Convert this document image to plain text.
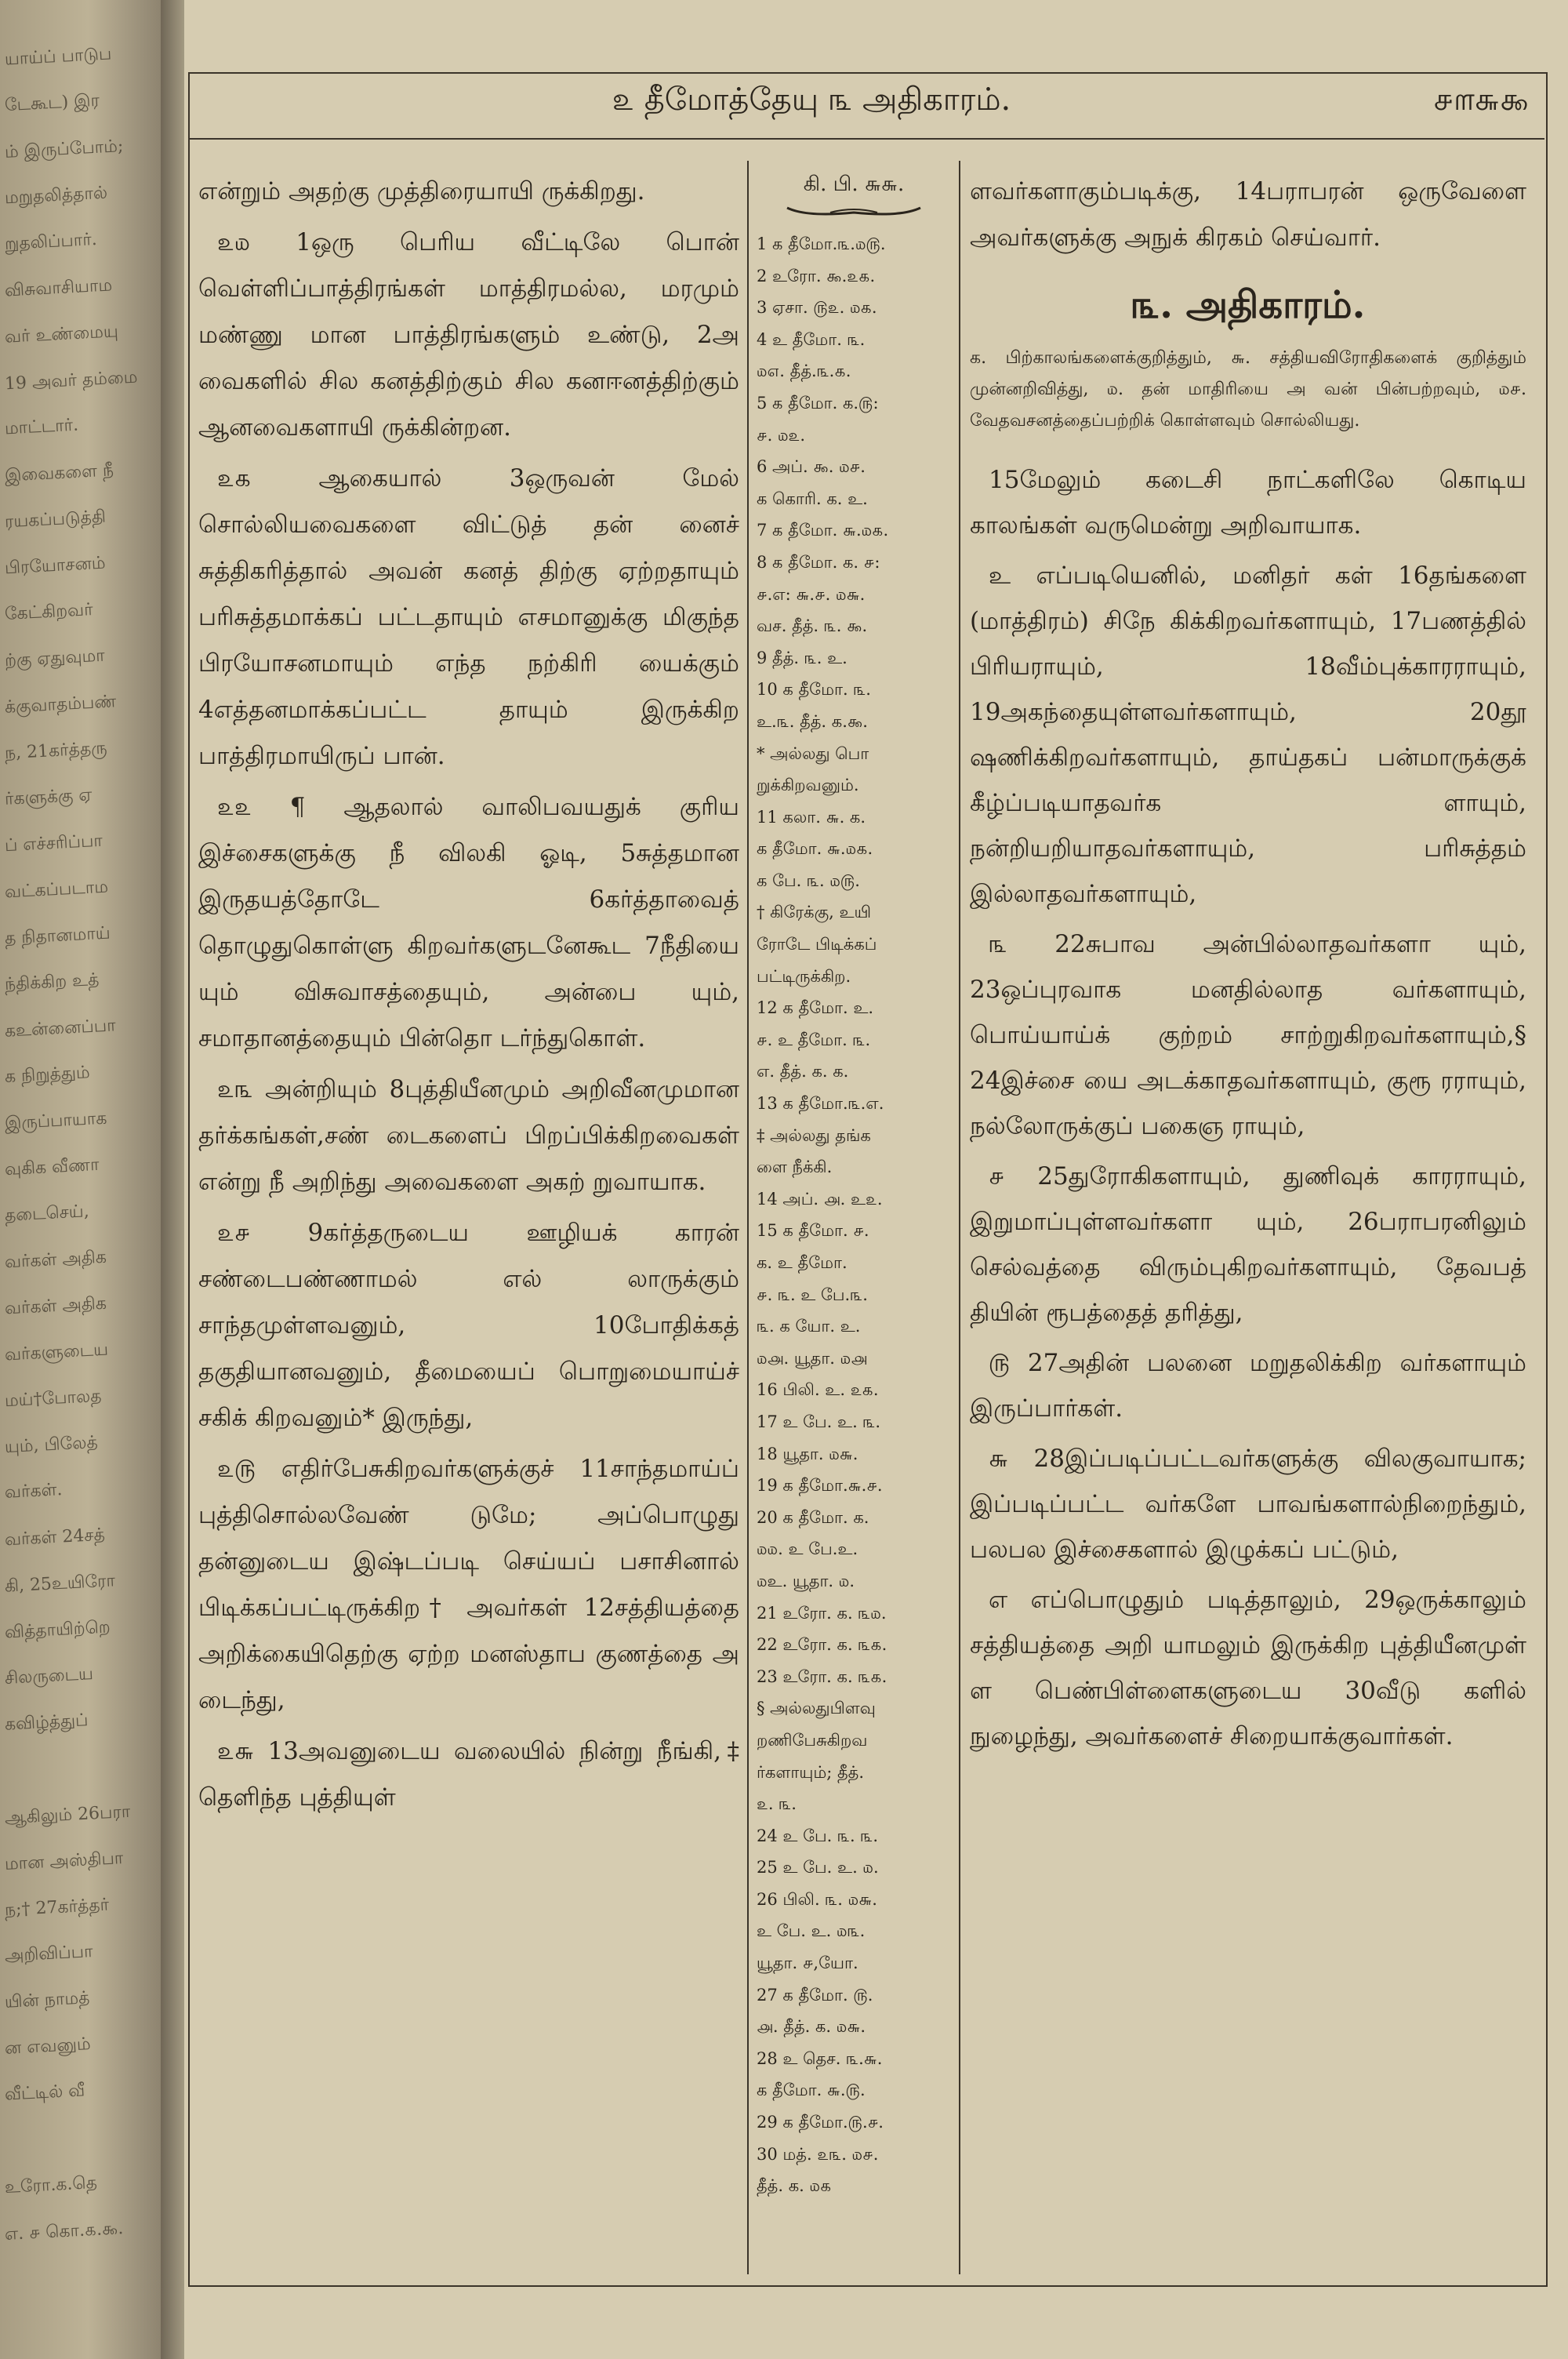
யாய்ப் பாடுப
டேகூட) இர
ம் இருப்போம்;
மறுதலித்தால்
றுதலிப்பார்.
விசுவாசியாம
வர் உண்மையு
19 அவர் தம்மை
மாட்டார்.
இவைகளை நீ
ரயகப்படுத்தி
பிரயோசனம்
கேட்கிறவர்
ற்கு ஏதுவுமா
க்குவாதம்பண்
ந, 21கர்த்தரு
ர்களுக்கு ஏ
ப் எச்சரிப்பா
வட்கப்படாம
த நிதானமாய்
ந்திக்கிற உத்
கஉன்னைப்பா
க நிறுத்தும்
இருப்பாயாக
வுகிக வீணா
தடைசெய்,
வர்கள் அதிக
வர்கள் அதிக
வர்களுடைய
மய்†போலத
யும், பிலேத்
வர்கள்.
வர்கள் 24சத்
கி, 25உயிரோ
வித்தாயிற்றெ
சிலருடைய
கவிழ்த்துப்
ஆகிலும் 26பரா
மான அஸ்திபா
ந;† 27கர்த்தர்
அறிவிப்பா
யின் நாமத்
ன எவனும்
வீட்டில் வீ
உரோ.க.தெ
எ. ௪ கொ.௧.௯.
௨ தீமோத்தேயு ௩ அதிகாரம்.	௪௱௬௯

என்றும் அதற்கு முத்திரையாயி ருக்கிறது.

௨௰ 1ஒரு பெரிய வீட்டிலே பொன் வெள்ளிப்பாத்திரங்கள் மாத்திரமல்ல, மரமும் மண்ணு மான பாத்திரங்களும் உண்டு, 2அ வைகளில் சில கனத்திற்கும் சில கனஈனத்திற்கும் ஆனவைகளாயி ருக்கின்றன.

௨௧ ஆகையால் 3ஒருவன் மேல் சொல்லியவைகளை விட்டுத் தன் னைச் சுத்திகரித்தால் அவன் கனத் திற்கு ஏற்றதாயும் பரிசுத்தமாக்கப் பட்டதாயும் எசமானுக்கு மிகுந்த பிரயோசனமாயும் எந்த நற்கிரி யைக்கும் 4எத்தனமாக்கப்பட்ட தாயும் இருக்கிற பாத்திரமாயிருப் பான்.

௨௨ ¶ ஆதலால் வாலிபவயதுக் குரிய இச்சைகளுக்கு நீ விலகி ஓடி, 5சுத்தமான இருதயத்தோடே 6கர்த்தாவைத் தொழுதுகொள்ளு கிறவர்களுடனேகூட 7நீதியை யும் விசுவாசத்தையும், அன்பை யும், சமாதானத்தையும் பின்தொ டர்ந்துகொள்.

௨௩ அன்றியும் 8புத்தியீனமும் அறிவீனமுமான தர்க்கங்கள்,சண் டைகளைப் பிறப்பிக்கிறவைகள் என்று நீ அறிந்து அவைகளை அகற் றுவாயாக.

௨௪ 9கர்த்தருடைய ஊழியக் காரன் சண்டைபண்ணாமல் எல் லாருக்கும் சாந்தமுள்ளவனும், 10போதிக்கத் தகுதியானவனும், தீமையைப் பொறுமையாய்ச் சகிக் கிறவனும்* இருந்து,

௨௫ எதிர்பேசுகிறவர்களுக்குச் 11சாந்தமாய்ப் புத்திசொல்லவேண் டுமே; அப்பொழுது தன்னுடைய இஷ்டப்படி செய்யப் பசாசினால் பிடிக்கப்பட்டிருக்கிற† அவர்கள் 12சத்தியத்தை அறிக்கையிதெற்கு ஏற்ற மனஸ்தாப குணத்தை அ டைந்து,

௨௬ 13அவனுடைய வலையில் நின்று நீங்கி,‡ தெளிந்த புத்தியுள்

கி. பி. ௬௬.
1 க தீமோ.௩.௰௫.
2 உரோ. ௯.௨௧.
3 ஏசா. ௫௨. ௰௧.
4 உ தீமோ. ௩.
௰௭. தீத்.௩.௧.
5 க தீமோ. க.௫:
௪. ௰௨.
6 அப். ௯. ௰௪.
க கொரி. க. உ.
7 க தீமோ. ௬.௰௧.
8 க தீமோ. க. ௪:
௪.எ: ௬.௪. ௰௬.
வச. தீத். ௩. ௯.
9 தீத். ௩. உ.
10 க தீமோ. ௩.
உ.௩. தீத். க.௯.
* அல்லது பொ
றுக்கிறவனும்.
11 கலா. ௬. க.
க தீமோ. ௬.௰௧.
க பே. ௩. ௰௫.
† கிரேக்கு, உயி
ரோடே பிடிக்கப்
பட்டிருக்கிற.
12 க தீமோ. உ.
௪. உ தீமோ. ௩.
எ. தீத். க. க.
13 க தீமோ.௩.எ.
‡ அல்லது தங்க
ளை நீக்கி.
14 அப். ௮. உ௨.
15 க தீமோ. ௪.
க. உ தீமோ.
௪. ௩. உ பே.௩.
௩. க யோ. உ.
௰௮. யூதா. ௰௮
16 பிலி. உ. ௨௧.
17 உ பே. உ. ௩.
18 யூதா. ௰௬.
19 க தீமோ.௬.௪.
20 க தீமோ. க.
௰௰. உ பே.உ.
௰உ. யூதா. ௰.
21 உரோ. க. ௩௰.
22 உரோ. க. ௩௧.
23 உரோ. க. ௩௧.
§ அல்லதுபிளவு
றணிபேசுகிறவ
ர்களாயும்; தீத்.
௨. ௩.
24 உ பே. ௩. ௩.
25 உ பே. உ. ௰.
26 பிலி. ௩. ௰௬.
உ பே. உ. ௰௩.
யூதா. ௪,யோ.
27 க தீமோ. ௫.
௮. தீத். க. ௰௬.
28 உ தெச. ௩.௬.
க தீமோ. ௬.௫.
29 க தீமோ.௫.௪.
30 மத். ௨௩. ௰௪.
தீத். க. ௰௧

ளவர்களாகும்படிக்கு, 14பராபரன் ஒருவேளை அவர்களுக்கு அநுக் கிரகம் செய்வார்.

௩. அதிகாரம்.
க. பிற்காலங்களைக்குறித்தும், ௬. சத்தியவிரோதிகளைக் குறித்தும் முன்னறிவித்து, ௰. தன் மாதிரியை அ வன் பின்பற்றவும், ௰௪. வேதவசனத்தைப்பற்றிக் கொள்ளவும் சொல்லியது.

15மேலும் கடைசி நாட்களிலே கொடிய காலங்கள் வருமென்று அறிவாயாக.

உ எப்படியெனில், மனிதர் கள் 16தங்களை (மாத்திரம்) சிநே கிக்கிறவர்களாயும், 17பணத்தில் பிரியராயும், 18வீம்புக்காரராயும், 19அகந்தையுள்ளவர்களாயும், 20தூ ஷணிக்கிறவர்களாயும், தாய்தகப் பன்மாருக்குக் கீழ்ப்படியாதவர்க ளாயும், நன்றியறியாதவர்களாயும், பரிசுத்தம் இல்லாதவர்களாயும்,

௩ 22சுபாவ அன்பில்லாதவர்களா யும், 23ஒப்புரவாக மனதில்லாத வர்களாயும், பொய்யாய்க் குற்றம் சாற்றுகிறவர்களாயும்,§ 24இச்சை யை அடக்காதவர்களாயும், குரூ ரராயும், நல்லோருக்குப் பகைஞ ராயும்,

௪ 25துரோகிகளாயும், துணிவுக் காரராயும், இறுமாப்புள்ளவர்களா யும், 26பராபரனிலும் செல்வத்தை விரும்புகிறவர்களாயும், தேவபத் தியின் ரூபத்தைத் தரித்து,

௫ 27அதின் பலனை மறுதலிக்கிற வர்களாயும் இருப்பார்கள்.

௬ 28இப்படிப்பட்டவர்களுக்கு விலகுவாயாக; இப்படிப்பட்ட வர்களே பாவங்களால்நிறைந்தும், பலபல இச்சைகளால் இழுக்கப் பட்டும்,

எ எப்பொழுதும் படித்தாலும், 29ஒருக்காலும் சத்தியத்தை அறி யாமலும் இருக்கிற புத்தியீனமுள் ள பெண்பிள்ளைகளுடைய 30வீடு களில் நுழைந்து, அவர்களைச் சிறையாக்குவார்கள்.
